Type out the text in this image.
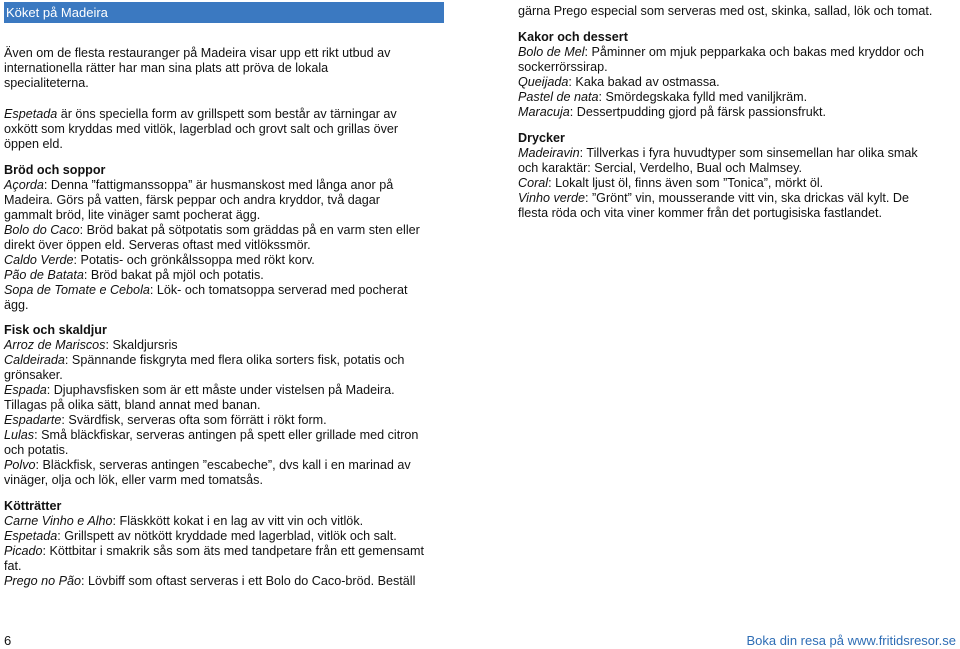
Köket på Madeira
Även om de flesta restauranger på Madeira visar upp ett rikt utbud av
internationella rätter har man sina plats att pröva de lokala
specialiteterna.
Espetada är öns speciella form av grillspett som består av tärningar av
oxkött som kryddas med vitlök, lagerblad och grovt salt och grillas över
öppen eld.
Bröd och soppor
Açorda: Denna ”fattigmanssoppa” är husmanskost med långa anor på
Madeira. Görs på vatten, färsk peppar och andra kryddor, två dagar
gammalt bröd, lite vinäger samt pocherat ägg.
Bolo do Caco: Bröd bakat på sötpotatis som gräddas på en varm sten eller
direkt över öppen eld. Serveras oftast med vitlökssmör.
Caldo Verde: Potatis- och grönkålssoppa med rökt korv.
Pão de Batata: Bröd bakat på mjöl och potatis.
Sopa de Tomate e Cebola: Lök- och tomatsoppa serverad med pocherat
ägg.
Fisk och skaldjur
Arroz de Mariscos: Skaldjursris
Caldeirada: Spännande fiskgryta med flera olika sorters fisk, potatis och
grönsaker.
Espada: Djuphavsfisken som är ett måste under vistelsen på Madeira.
Tillagas på olika sätt, bland annat med banan.
Espadarte: Svärdfisk, serveras ofta som förrätt i rökt form.
Lulas: Små bläckfiskar, serveras antingen på spett eller grillade med citron
och potatis.
Polvo: Bläckfisk, serveras antingen ”escabeche”, dvs kall i en marinad av
vinäger, olja och lök, eller varm med tomatsås.
Kötträtter
Carne Vinho e Alho: Fläskkött kokat i en lag av vitt vin och vitlök.
Espetada: Grillspett av nötkött kryddade med lagerblad, vitlök och salt.
Picado: Köttbitar i smakrik sås som äts med tandpetare från ett gemensamt
fat.
Prego no Pão: Lövbiff som oftast serveras i ett Bolo do Caco-bröd. Beställ
gärna Prego especial som serveras med ost, skinka, sallad, lök och tomat.
Kakor och dessert
Bolo de Mel: Påminner om mjuk pepparkaka och bakas med kryddor och
sockerrörssirap.
Queijada: Kaka bakad av ostmassa.
Pastel de nata: Smördegskaka fylld med vaniljkräm.
Maracuja: Dessertpudding gjord på färsk passionsfrukt.
Drycker
Madeiravin: Tillverkas i fyra huvudtyper som sinsemellan har olika smak
och karaktär: Sercial, Verdelho, Bual och Malmsey.
Coral: Lokalt ljust öl, finns även som ”Tonica”, mörkt öl.
Vinho verde: ”Grönt” vin, mousserande vitt vin, ska drickas väl kylt. De
flesta röda och vita viner kommer från det portugisiska fastlandet.
6	Boka din resa på www.fritidsresor.se
